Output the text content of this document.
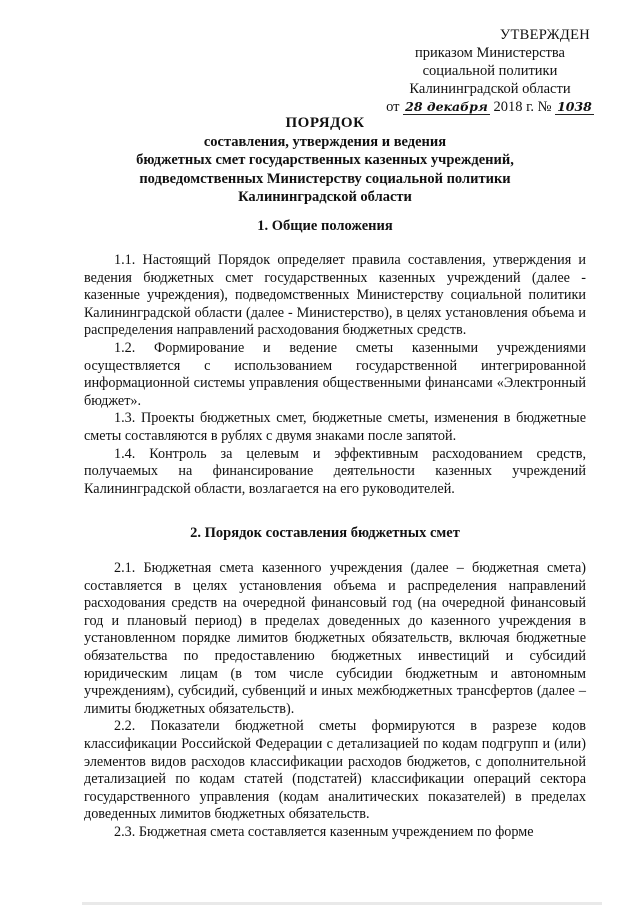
УТВЕРЖДЕН
приказом Министерства
социальной политики
Калининградской области
от 28 декабря 2018 г. № 1038
ПОРЯДОК
составления, утверждения и ведения
бюджетных смет государственных казенных учреждений,
подведомственных Министерству социальной политики
Калининградской области
1. Общие положения

1.1. Настоящий Порядок определяет правила составления, утверждения и ведения бюджетных смет государственных казенных учреждений (далее - казенные учреждения), подведомственных Министерству социальной политики Калининградской области (далее - Министерство), в целях установления объема и распределения направлений расходования бюджетных средств.

1.2. Формирование и ведение сметы казенными учреждениями осуществляется с использованием государственной интегрированной информационной системы управления общественными финансами «Электронный бюджет».

1.3. Проекты бюджетных смет, бюджетные сметы, изменения в бюджетные сметы составляются в рублях с двумя знаками после запятой.

1.4. Контроль за целевым и эффективным расходованием средств, получаемых на финансирование деятельности казенных учреждений Калининградской области, возлагается на его руководителей.

2. Порядок составления бюджетных смет

2.1. Бюджетная смета казенного учреждения (далее – бюджетная смета) составляется в целях установления объема и распределения направлений расходования средств на очередной финансовый год (на очередной финансовый год и плановый период) в пределах доведенных до казенного учреждения в установленном порядке лимитов бюджетных обязательств, включая бюджетные обязательства по предоставлению бюджетных инвестиций и субсидий юридическим лицам (в том числе субсидии бюджетным и автономным учреждениям), субсидий, субвенций и иных межбюджетных трансфертов (далее – лимиты бюджетных обязательств).

2.2. Показатели бюджетной сметы формируются в разрезе кодов классификации Российской Федерации с детализацией по кодам подгрупп и (или) элементов видов расходов классификации расходов бюджетов, с дополнительной детализацией по кодам статей (подстатей) классификации операций сектора государственного управления (кодам аналитических показателей) в пределах доведенных лимитов бюджетных обязательств.

2.3. Бюджетная смета составляется казенным учреждением по форме
